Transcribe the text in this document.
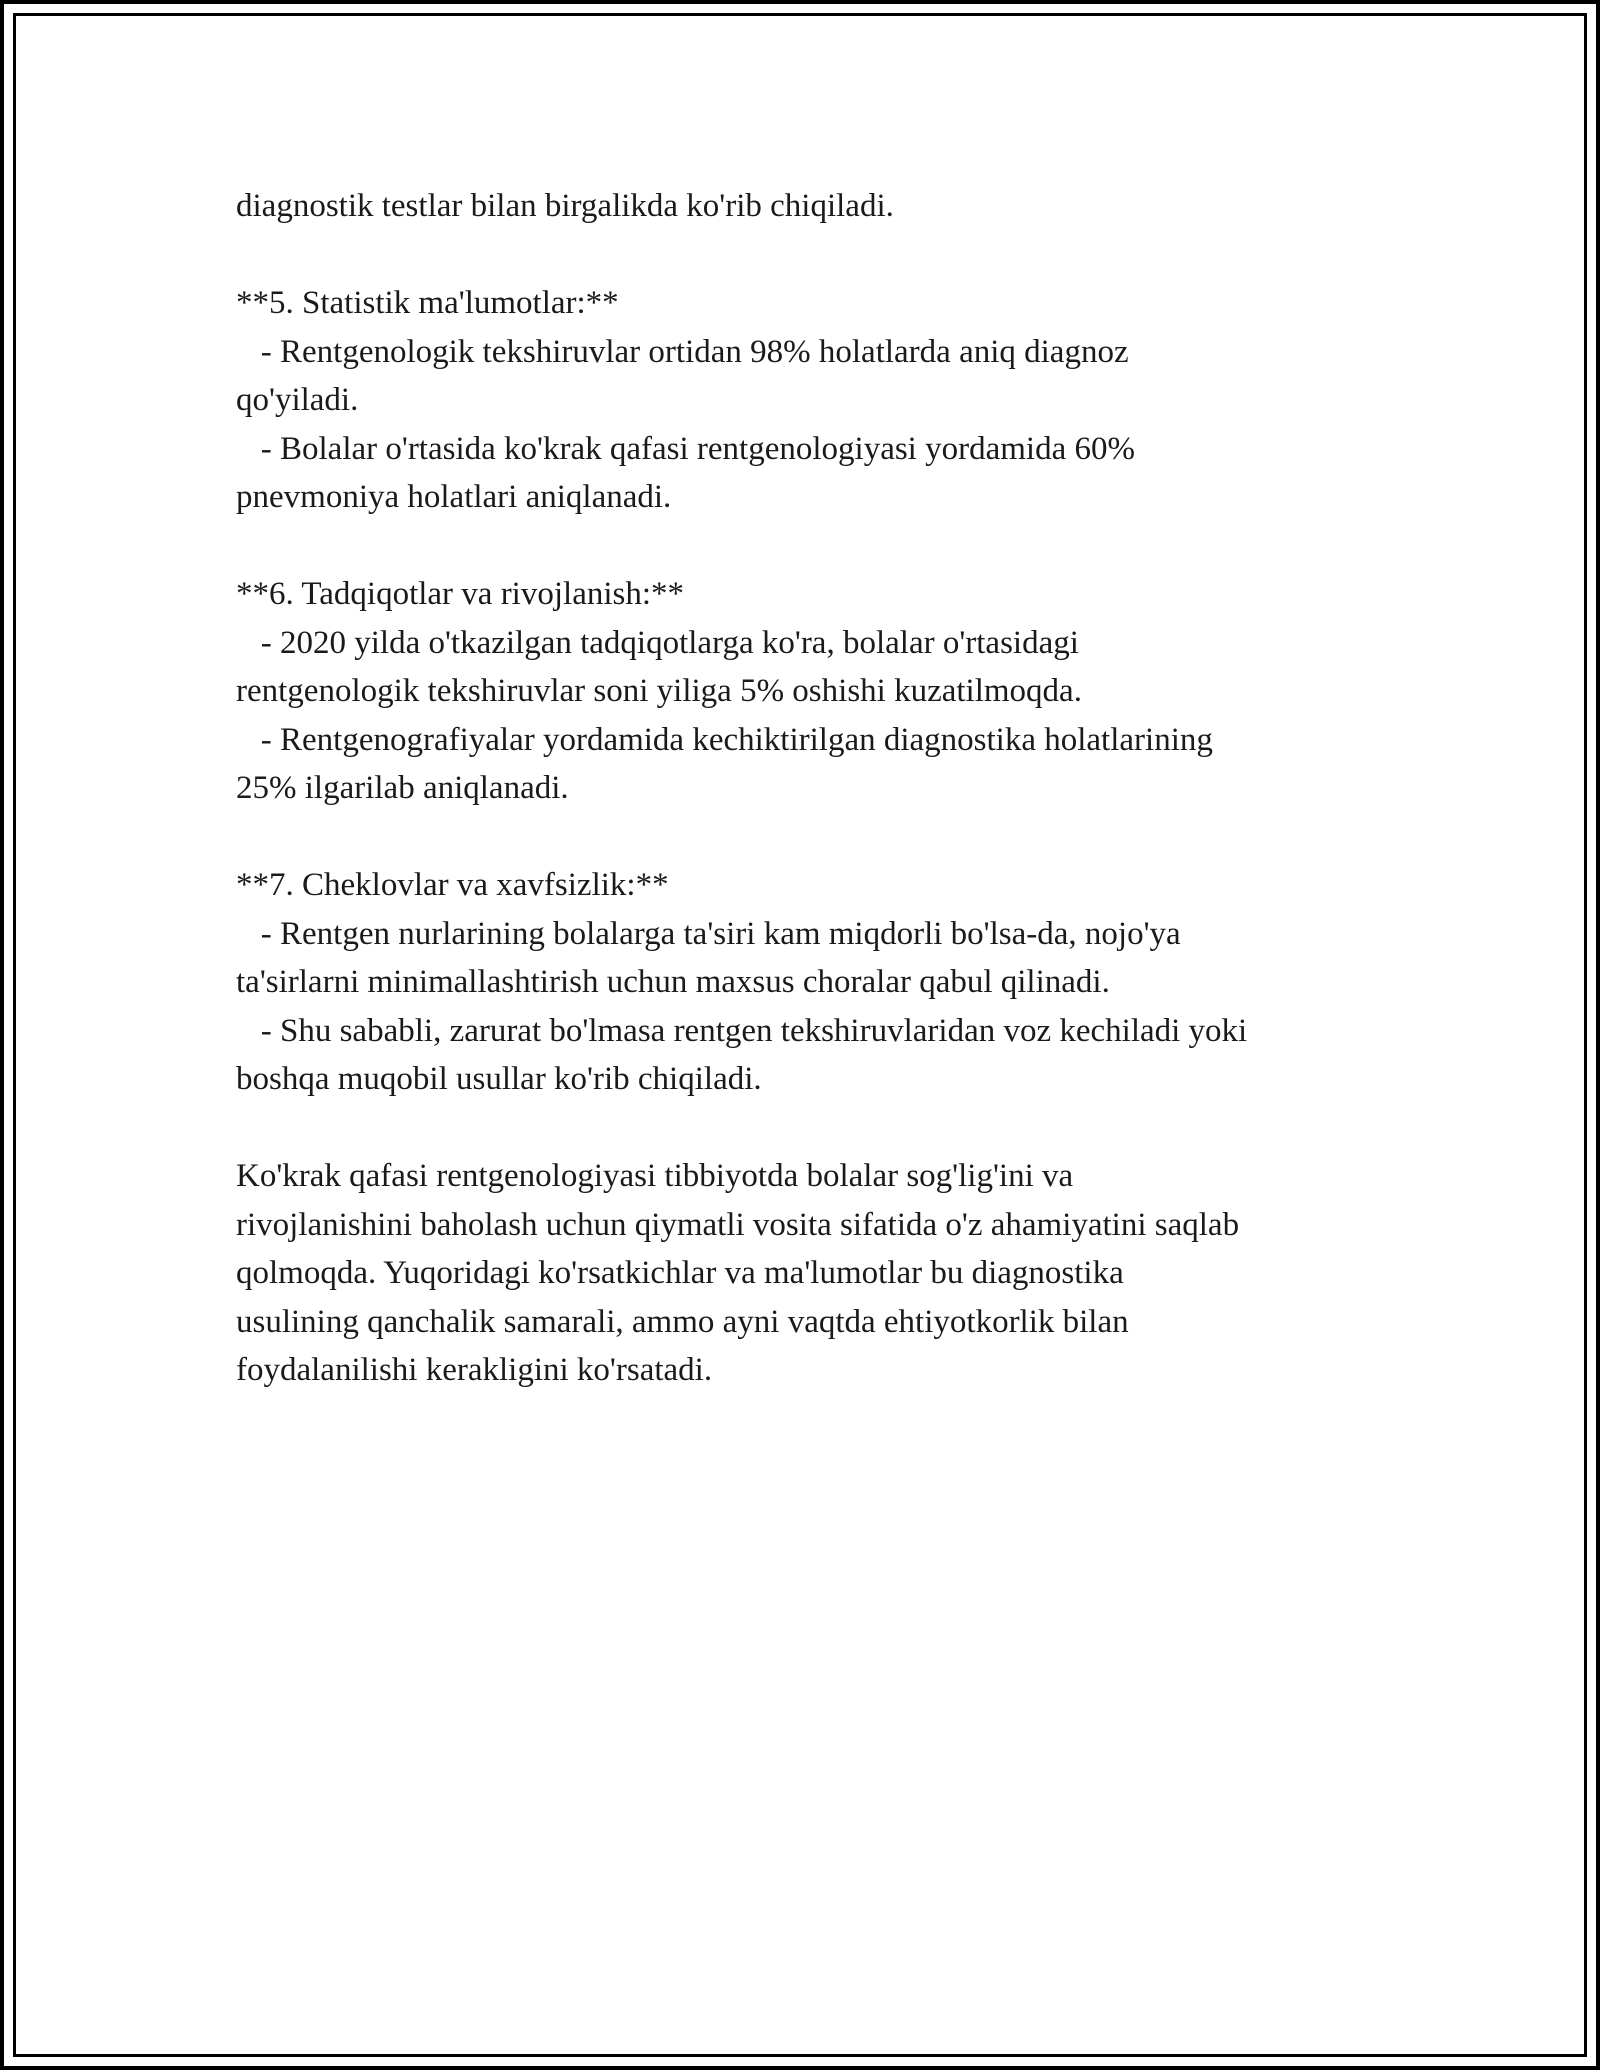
diagnostik testlar bilan birgalikda ko'rib chiqiladi.
**5. Statistik ma'lumotlar:**
- Rentgenologik tekshiruvlar ortidan 98% holatlarda aniq diagnoz
qo'yiladi.
- Bolalar o'rtasida ko'krak qafasi rentgenologiyasi yordamida 60%
pnevmoniya holatlari aniqlanadi.
**6. Tadqiqotlar va rivojlanish:**
- 2020 yilda o'tkazilgan tadqiqotlarga ko'ra, bolalar o'rtasidagi
rentgenologik tekshiruvlar soni yiliga 5% oshishi kuzatilmoqda.
- Rentgenografiyalar yordamida kechiktirilgan diagnostika holatlarining
25% ilgarilab aniqlanadi.
**7. Cheklovlar va xavfsizlik:**
- Rentgen nurlarining bolalarga ta'siri kam miqdorli bo'lsa-da, nojo'ya
ta'sirlarni minimallashtirish uchun maxsus choralar qabul qilinadi.
- Shu sababli, zarurat bo'lmasa rentgen tekshiruvlaridan voz kechiladi yoki
boshqa muqobil usullar ko'rib chiqiladi.
Ko'krak qafasi rentgenologiyasi tibbiyotda bolalar sog'lig'ini va
rivojlanishini baholash uchun qiymatli vosita sifatida o'z ahamiyatini saqlab
qolmoqda. Yuqoridagi ko'rsatkichlar va ma'lumotlar bu diagnostika
usulining qanchalik samarali, ammo ayni vaqtda ehtiyotkorlik bilan
foydalanilishi kerakligini ko'rsatadi.
